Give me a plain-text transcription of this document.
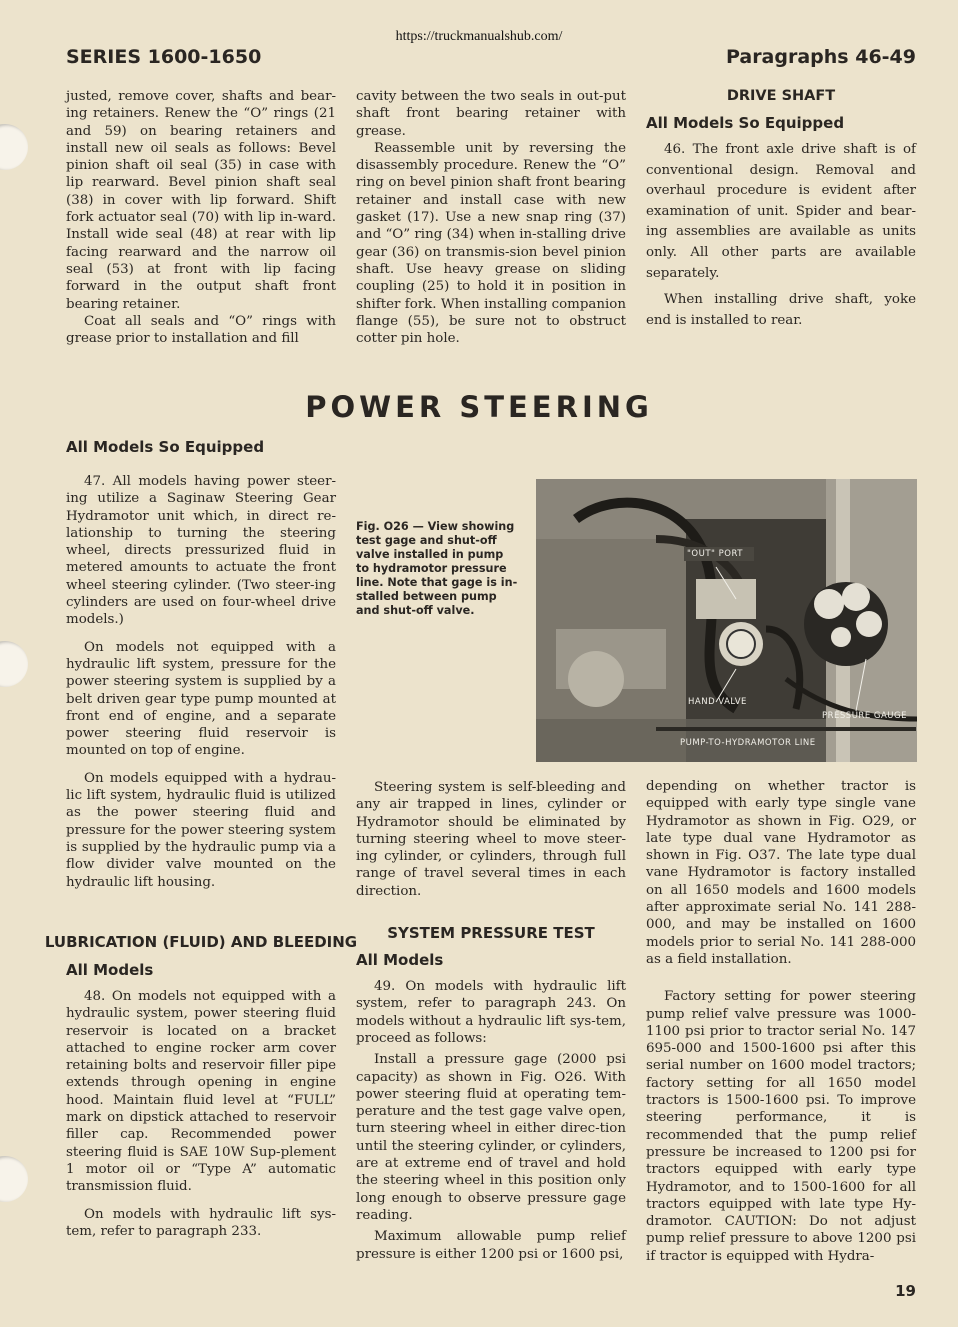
https://truckmanualshub.com/
SERIES 1600-1650	Paragraphs 46-49

justed, remove cover, shafts and bear-ing retainers. Renew the “O” rings (21 and 59) on bearing retainers and install new oil seals as follows: Bevel pinion shaft oil seal (35) in case with lip rearward. Bevel pinion shaft seal (38) in cover with lip forward. Shift fork actuator seal (70) with lip in-ward. Install wide seal (48) at rear with lip facing rearward and the narrow oil seal (53) at front with lip facing forward in the output shaft front bearing retainer.

Coat all seals and “O” rings with grease prior to installation and fill

cavity between the two seals in out-put shaft front bearing retainer with grease.

Reassemble unit by reversing the disassembly procedure. Renew the “O” ring on bevel pinion shaft front bearing retainer and install case with new gasket (17). Use a new snap ring (37) and “O” ring (34) when in-stalling drive gear (36) on transmis-sion bevel pinion shaft. Use heavy grease on sliding coupling (25) to hold it in position in shifter fork. When installing companion flange (55), be sure not to obstruct cotter pin hole.

DRIVE SHAFT
All Models So Equipped

46. The front axle drive shaft is of conventional design. Removal and overhaul procedure is evident after examination of unit. Spider and bear-ing assemblies are available as units only. All other parts are available separately.

When installing drive shaft, yoke end is installed to rear.

POWER STEERING
All Models So Equipped

47. All models having power steer-ing utilize a Saginaw Steering Gear Hydramotor unit which, in direct re-lationship to turning the steering wheel, directs pressurized fluid in metered amounts to actuate the front wheel steering cylinder. (Two steer-ing cylinders are used on four-wheel drive models.)

On models not equipped with a hydraulic lift system, pressure for the power steering system is supplied by a belt driven gear type pump mounted at front end of engine, and a separate power steering fluid reservoir is mounted on top of engine.

On models equipped with a hydrau-lic lift system, hydraulic fluid is utilized as the power steering fluid and pressure for the power steering system is supplied by the hydraulic pump via a flow divider valve mounted on the hydraulic lift housing.

Fig. O26 — View showing test gage and shut-off valve installed in pump to hydramotor pressure line. Note that gage is in-stalled between pump and shut-off valve.
"OUT" PORT
HAND VALVE
PRESSURE GAUGE
PUMP-TO-HYDRAMOTOR LINE
LUBRICATION (FLUID) AND BLEEDING
All Models

48. On models not equipped with a hydraulic system, power steering fluid reservoir is located on a bracket attached to engine rocker arm cover retaining bolts and reservoir filler pipe extends through opening in engine hood. Maintain fluid level at “FULL” mark on dipstick attached to reservoir filler cap. Recommended power steering fluid is SAE 10W Sup-plement 1 motor oil or “Type A” automatic transmission fluid.

On models with hydraulic lift sys-tem, refer to paragraph 233.

Steering system is self-bleeding and any air trapped in lines, cylinder or Hydramotor should be eliminated by turning steering wheel to move steer-ing cylinder, or cylinders, through full range of travel several times in each direction.

SYSTEM PRESSURE TEST
All Models

49. On models with hydraulic lift system, refer to paragraph 243. On models without a hydraulic lift sys-tem, proceed as follows:

Install a pressure gage (2000 psi capacity) as shown in Fig. O26. With power steering fluid at operating tem-perature and the test gage valve open, turn steering wheel in either direc-tion until the steering cylinder, or cylinders, are at extreme end of travel and hold the steering wheel in this position only long enough to observe pressure gage reading.

Maximum allowable pump relief pressure is either 1200 psi or 1600 psi,

depending on whether tractor is equipped with early type single vane Hydramotor as shown in Fig. O29, or late type dual vane Hydramotor as shown in Fig. O37. The late type dual vane Hydramotor is factory installed on all 1650 models and 1600 models after approximate serial No. 141 288-000, and may be installed on 1600 models prior to serial No. 141 288-000 as a field installation.

Factory setting for power steering pump relief valve pressure was 1000-1100 psi prior to tractor serial No. 147 695-000 and 1500-1600 psi after this serial number on 1600 model tractors; factory setting for all 1650 model tractors is 1500-1600 psi. To improve steering performance, it is recommended that the pump relief pressure be increased to 1200 psi for tractors equipped with early type Hydramotor, and to 1500-1600 for all tractors equipped with late type Hy-dramotor. CAUTION: Do not adjust pump relief pressure to above 1200 psi if tractor is equipped with Hydra-

19
